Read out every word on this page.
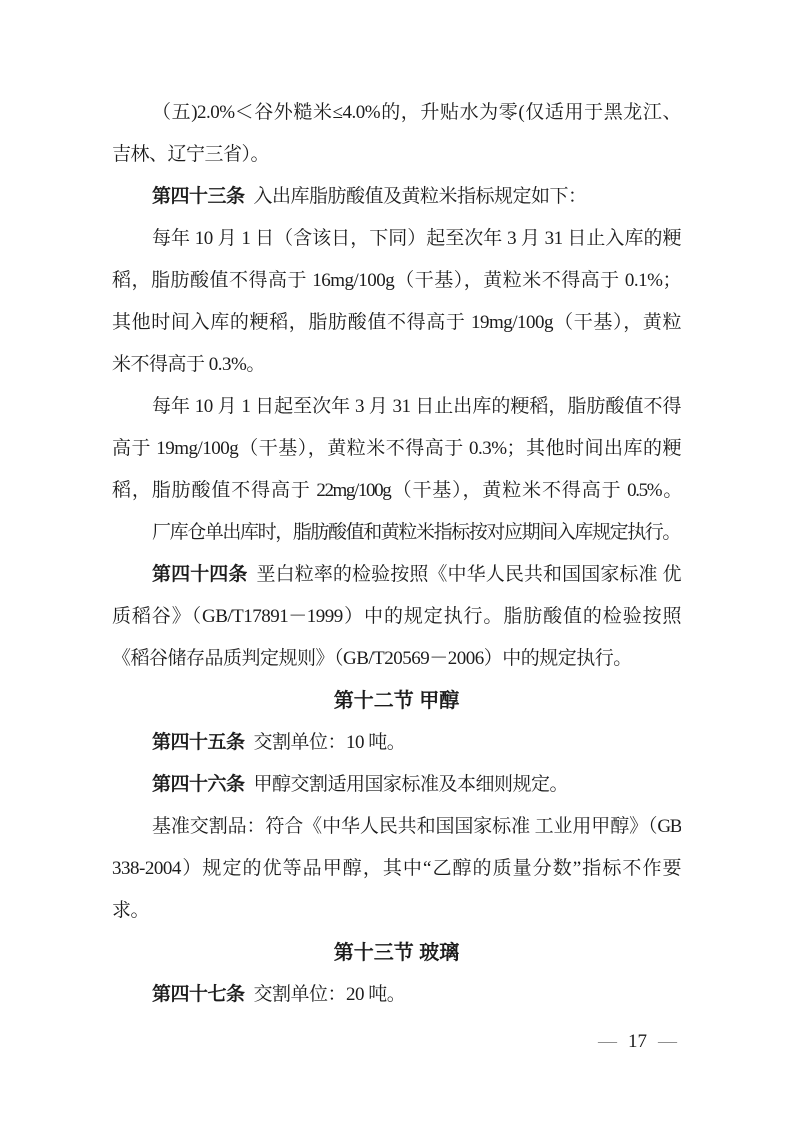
（五)2.0%＜谷外糙米≤4.0%的，升贴水为零(仅适用于黑龙江、
吉林、辽宁三省）。
第四十三条 入出库脂肪酸值及黄粒米指标规定如下：
每年 10 月 1 日（含该日，下同）起至次年 3 月 31 日止入库的粳
稻，脂肪酸值不得高于 16mg/100g（干基），黄粒米不得高于 0.1%；
其他时间入库的粳稻，脂肪酸值不得高于 19mg/100g（干基），黄粒
米不得高于 0.3%。
每年 10 月 1 日起至次年 3 月 31 日止出库的粳稻，脂肪酸值不得
高于 19mg/100g（干基），黄粒米不得高于 0.3%；其他时间出库的粳
稻，脂肪酸值不得高于 22mg/100g（干基），黄粒米不得高于 0.5%。
厂库仓单出库时，脂肪酸值和黄粒米指标按对应期间入库规定执行。
第四十四条 垩白粒率的检验按照《中华人民共和国国家标准 优
质稻谷》（GB/T17891－1999）中的规定执行。脂肪酸值的检验按照
《稻谷储存品质判定规则》（GB/T20569－2006）中的规定执行。
第十二节 甲醇
第四十五条 交割单位：10 吨。
第四十六条 甲醇交割适用国家标准及本细则规定。
基准交割品：符合《中华人民共和国国家标准 工业用甲醇》（GB
338-2004）规定的优等品甲醇，其中“乙醇的质量分数”指标不作要
求。
第十三节 玻璃
第四十七条 交割单位：20 吨。
— 17 —
